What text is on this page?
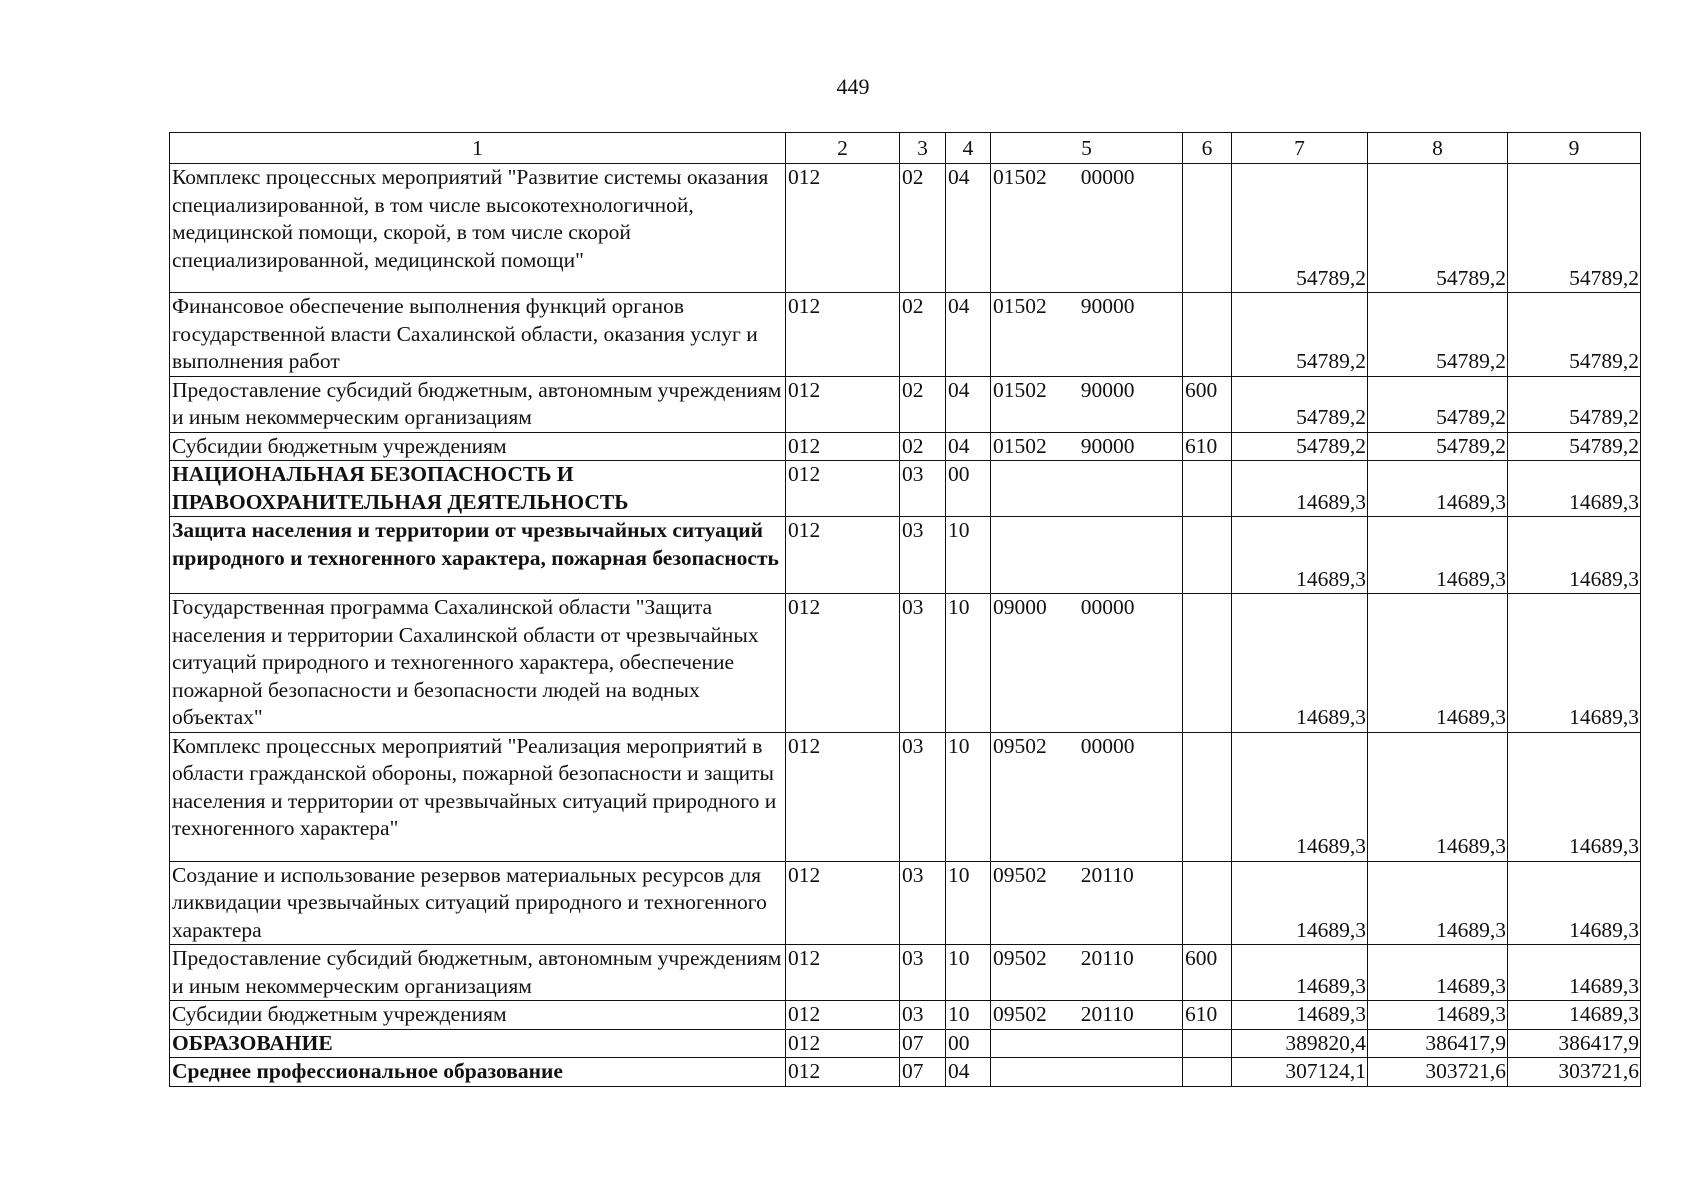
449
1	2	3	4	5	6	7	8	9
Комплекс процессных мероприятий "Развитие системы оказания специализированной, в том числе высокотехнологичной, медицинской помощи, скорой, в том числе скорой специализированной, медицинской помощи"	012	02	04	01502 00000		54789,2	54789,2	54789,2
Финансовое обеспечение выполнения функций органов государственной власти Сахалинской области, оказания услуг и выполнения работ	012	02	04	01502 90000		54789,2	54789,2	54789,2
Предоставление субсидий бюджетным, автономным учреждениям и иным некоммерческим организациям	012	02	04	01502 90000	600	54789,2	54789,2	54789,2
Субсидии бюджетным учреждениям	012	02	04	01502 90000	610	54789,2	54789,2	54789,2
НАЦИОНАЛЬНАЯ БЕЗОПАСНОСТЬ И ПРАВООХРАНИТЕЛЬНАЯ ДЕЯТЕЛЬНОСТЬ	012	03	00			14689,3	14689,3	14689,3
Защита населения и территории от чрезвычайных ситуаций природного и техногенного характера, пожарная безопасность	012	03	10			14689,3	14689,3	14689,3
Государственная программа Сахалинской области "Защита населения и территории Сахалинской области от чрезвычайных ситуаций природного и техногенного характера, обеспечение пожарной безопасности и безопасности людей на водных объектах"	012	03	10	09000 00000		14689,3	14689,3	14689,3
Комплекс процессных мероприятий "Реализация мероприятий в области гражданской обороны, пожарной безопасности и защиты населения и территории от чрезвычайных ситуаций природного и техногенного характера"	012	03	10	09502 00000		14689,3	14689,3	14689,3
Создание и использование резервов материальных ресурсов для ликвидации чрезвычайных ситуаций природного и техногенного характера	012	03	10	09502 20110		14689,3	14689,3	14689,3
Предоставление субсидий бюджетным, автономным учреждениям и иным некоммерческим организациям	012	03	10	09502 20110	600	14689,3	14689,3	14689,3
Субсидии бюджетным учреждениям	012	03	10	09502 20110	610	14689,3	14689,3	14689,3
ОБРАЗОВАНИЕ	012	07	00			389820,4	386417,9	386417,9
Среднее профессиональное образование	012	07	04			307124,1	303721,6	303721,6
